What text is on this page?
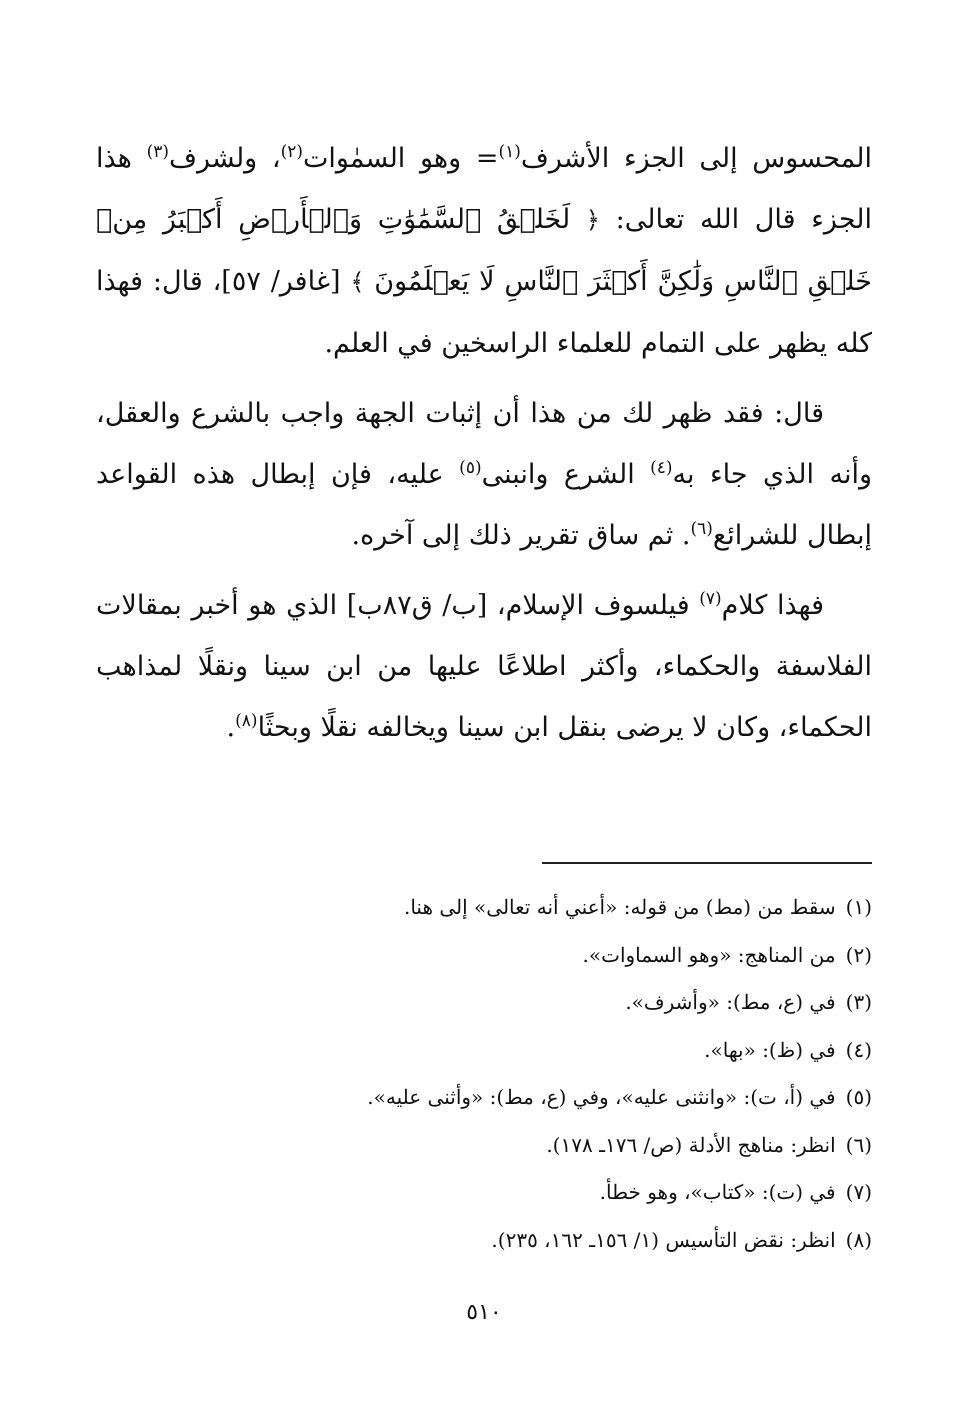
المحسوس إلى الجزء الأشرف$^{(١)}$= وهو السمٰوات$^{(٢)}$، ولشرف$^{(٣)}$ هذا الجزء قال الله تعالى: ﴿ لَخَلۡقُ ٱلسَّمَٰوَٰتِ وَٱلۡأَرۡضِ أَكۡبَرُ مِنۡ خَلۡقِ ٱلنَّاسِ وَلَٰكِنَّ أَكۡثَرَ ٱلنَّاسِ لَا يَعۡلَمُونَ ﴾ [غافر/ ٥٧]، قال: فهذا كله يظهر على التمام للعلماء الراسخين في العلم.

قال: فقد ظهر لك من هذا أن إثبات الجهة واجب بالشرع والعقل، وأنه الذي جاء به$^{(٤)}$ الشرع وانبنى$^{(٥)}$ عليه، فإن إبطال هذه القواعد إبطال للشرائع$^{(٦)}$. ثم ساق تقرير ذلك إلى آخره.

فهذا كلام$^{(٧)}$ فيلسوف الإسلام، [ب/ ق٨٧ب] الذي هو أخبر بمقالات الفلاسفة والحكماء، وأكثر اطلاعًا عليها من ابن سينا ونقلًا لمذاهب الحكماء، وكان لا يرضى بنقل ابن سينا ويخالفه نقلًا وبحثًا$^{(٨)}$.

(١)سقط من (مط) من قوله: «أعني أنه تعالى» إلى هنا.
(٢)من المناهج: «وهو السماوات».
(٣)في (ع، مط): «وأشرف».
(٤)في (ظ): «بها».
(٥)في (أ، ت): «وانثنى عليه»، وفي (ع، مط): «وأثنى عليه».
(٦)انظر: مناهج الأدلة (ص/ ١٧٦ـ ١٧٨).
(٧)في (ت): «كتاب»، وهو خطأ.
(٨)انظر: نقض التأسيس (١/ ١٥٦ـ ١٦٢، ٢٣٥).
٥١٠
